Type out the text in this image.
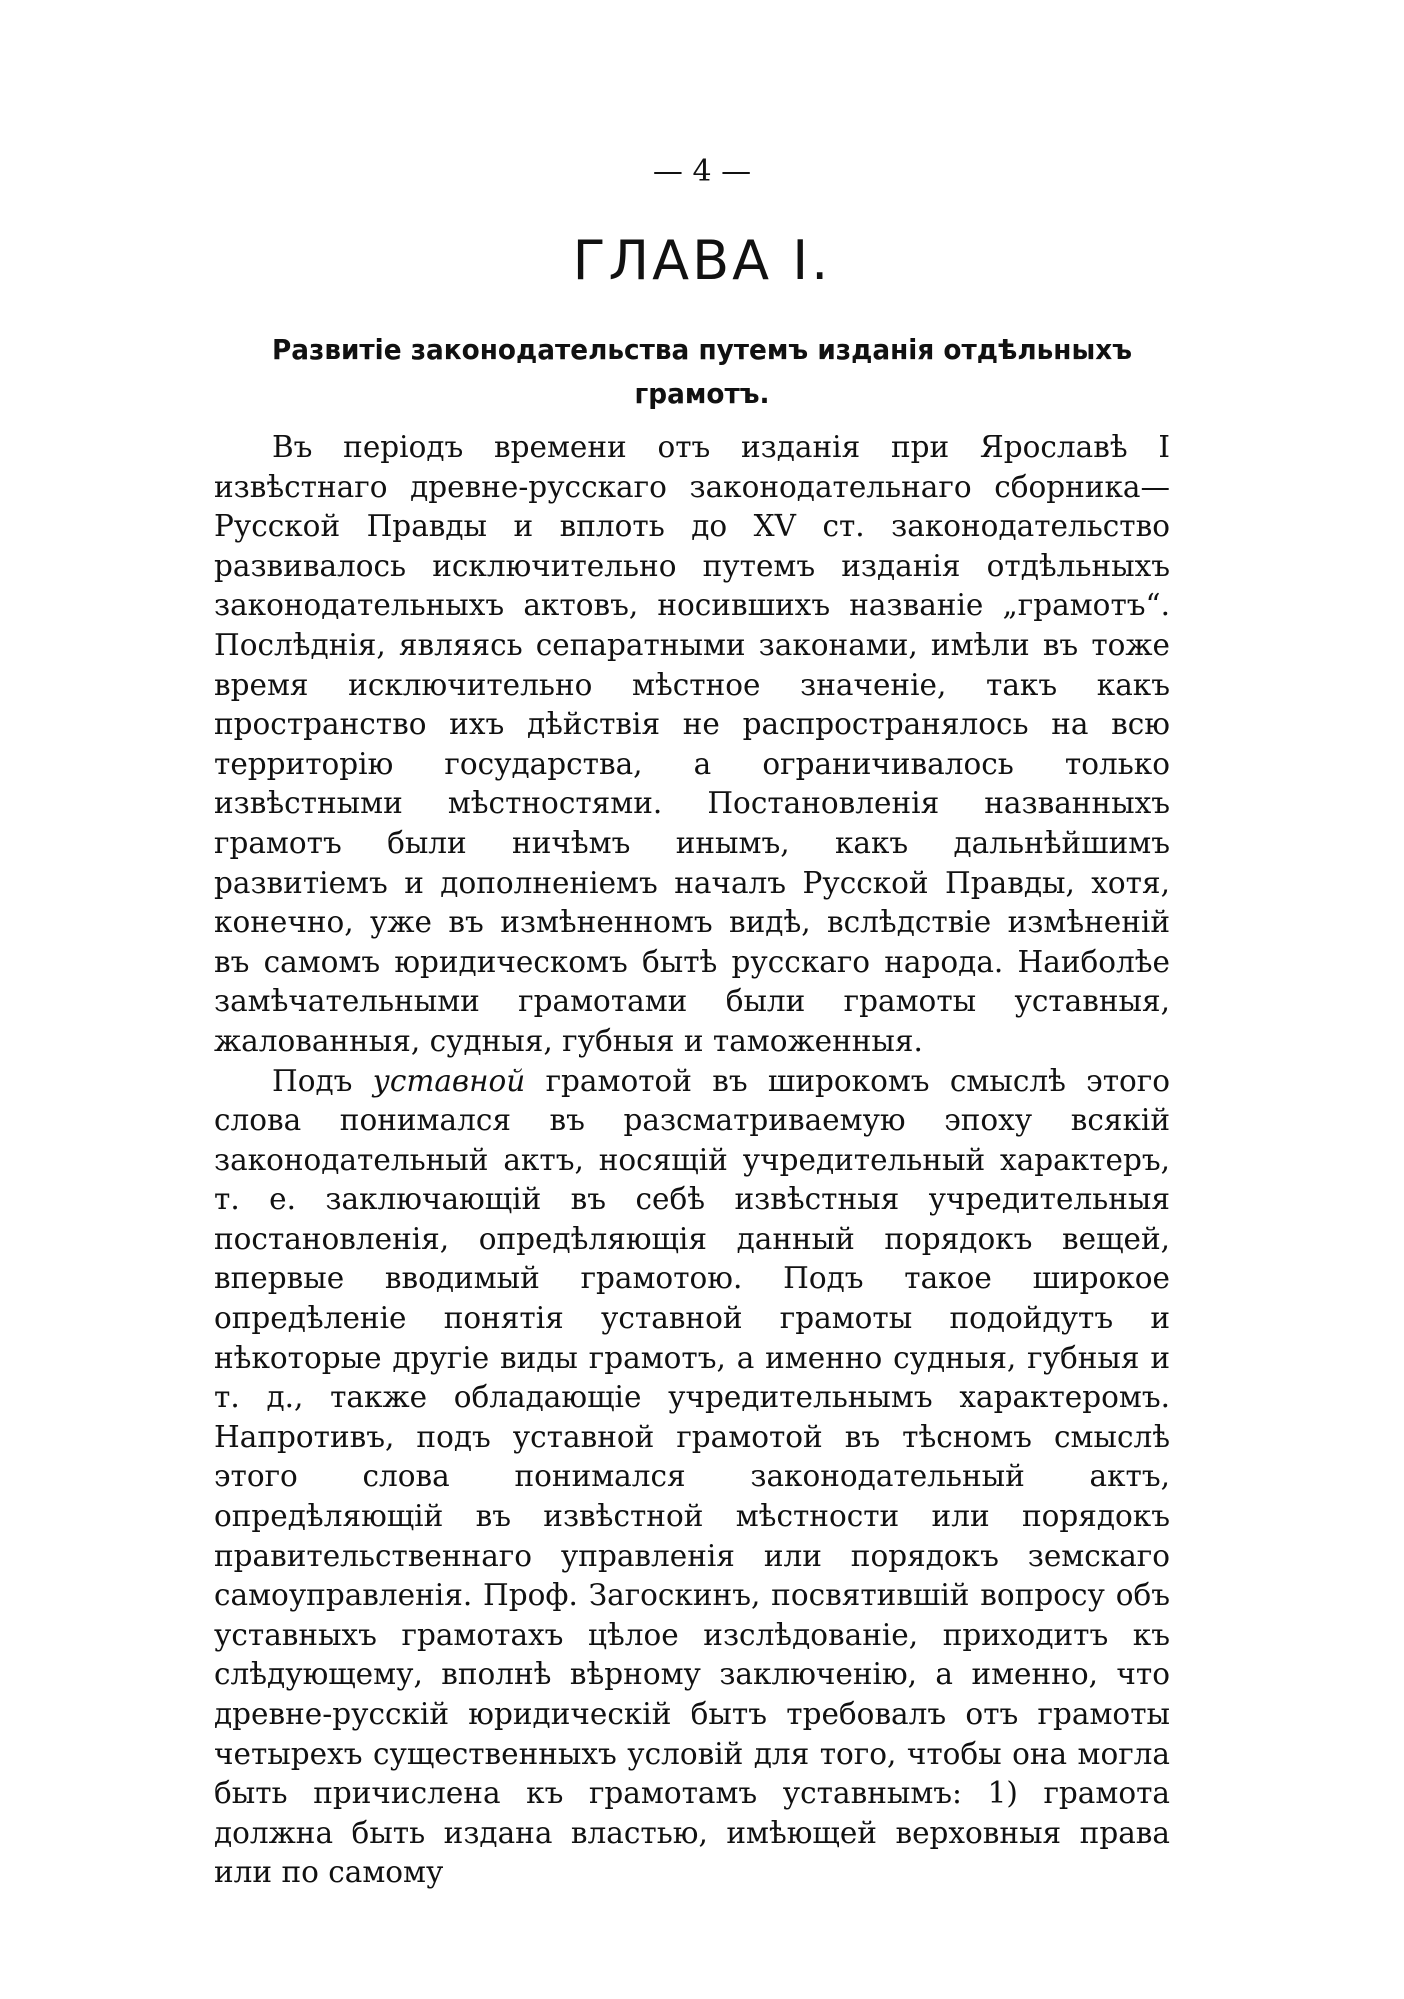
— 4 —
ГЛАВА I.
Развитіе законодательства путемъ изданія отдѣльныхъ грамотъ.

Въ періодъ времени отъ изданія при Ярославѣ I извѣстнаго древне-русскаго законодательнаго сборника—Русской Правды и вплоть до XV ст. законодательство развивалось исключительно путемъ изданія отдѣльныхъ законодательныхъ актовъ, носившихъ названіе „грамотъ“. Послѣднія, являясь сепаратными законами, имѣли въ тоже время исключительно мѣстное значеніе, такъ какъ пространство ихъ дѣйствія не распространялось на всю территорію государства, а ограничивалось только извѣстными мѣстностями. Постановленія названныхъ грамотъ были ничѣмъ инымъ, какъ дальнѣйшимъ развитіемъ и дополненіемъ началъ Русской Правды, хотя, конечно, уже въ измѣненномъ видѣ, вслѣдствіе измѣненій въ самомъ юридическомъ бытѣ русскаго народа. Наиболѣе замѣчательными грамотами были грамоты уставныя, жалованныя, судныя, губныя и таможенныя.

Подъ уставной грамотой въ широкомъ смыслѣ этого слова понимался въ разсматриваемую эпоху всякій законодательный актъ, носящій учредительный характеръ, т. е. заключающій въ себѣ извѣстныя учредительныя постановленія, опредѣляющія данный порядокъ вещей, впервые вводимый грамотою. Подъ такое широкое опредѣленіе понятія уставной грамоты подойдутъ и нѣкоторые другіе виды грамотъ, а именно судныя, губныя и т. д., также обладающіе учредительнымъ характеромъ. Напротивъ, подъ уставной грамотой въ тѣсномъ смыслѣ этого слова понимался законодательный актъ, опредѣляющій въ извѣстной мѣстности или порядокъ правительственнаго управленія или порядокъ земскаго самоуправленія. Проф. Загоскинъ, посвятившій вопросу объ уставныхъ грамотахъ цѣлое изслѣдованіе, приходитъ къ слѣдующему, вполнѣ вѣрному заключенію, а именно, что древне-русскій юридическій бытъ требовалъ отъ грамоты четырехъ существенныхъ условій для того, чтобы она могла быть причислена къ грамотамъ уставнымъ: 1) грамота должна быть издана властью, имѣющей верховныя права или по самому
